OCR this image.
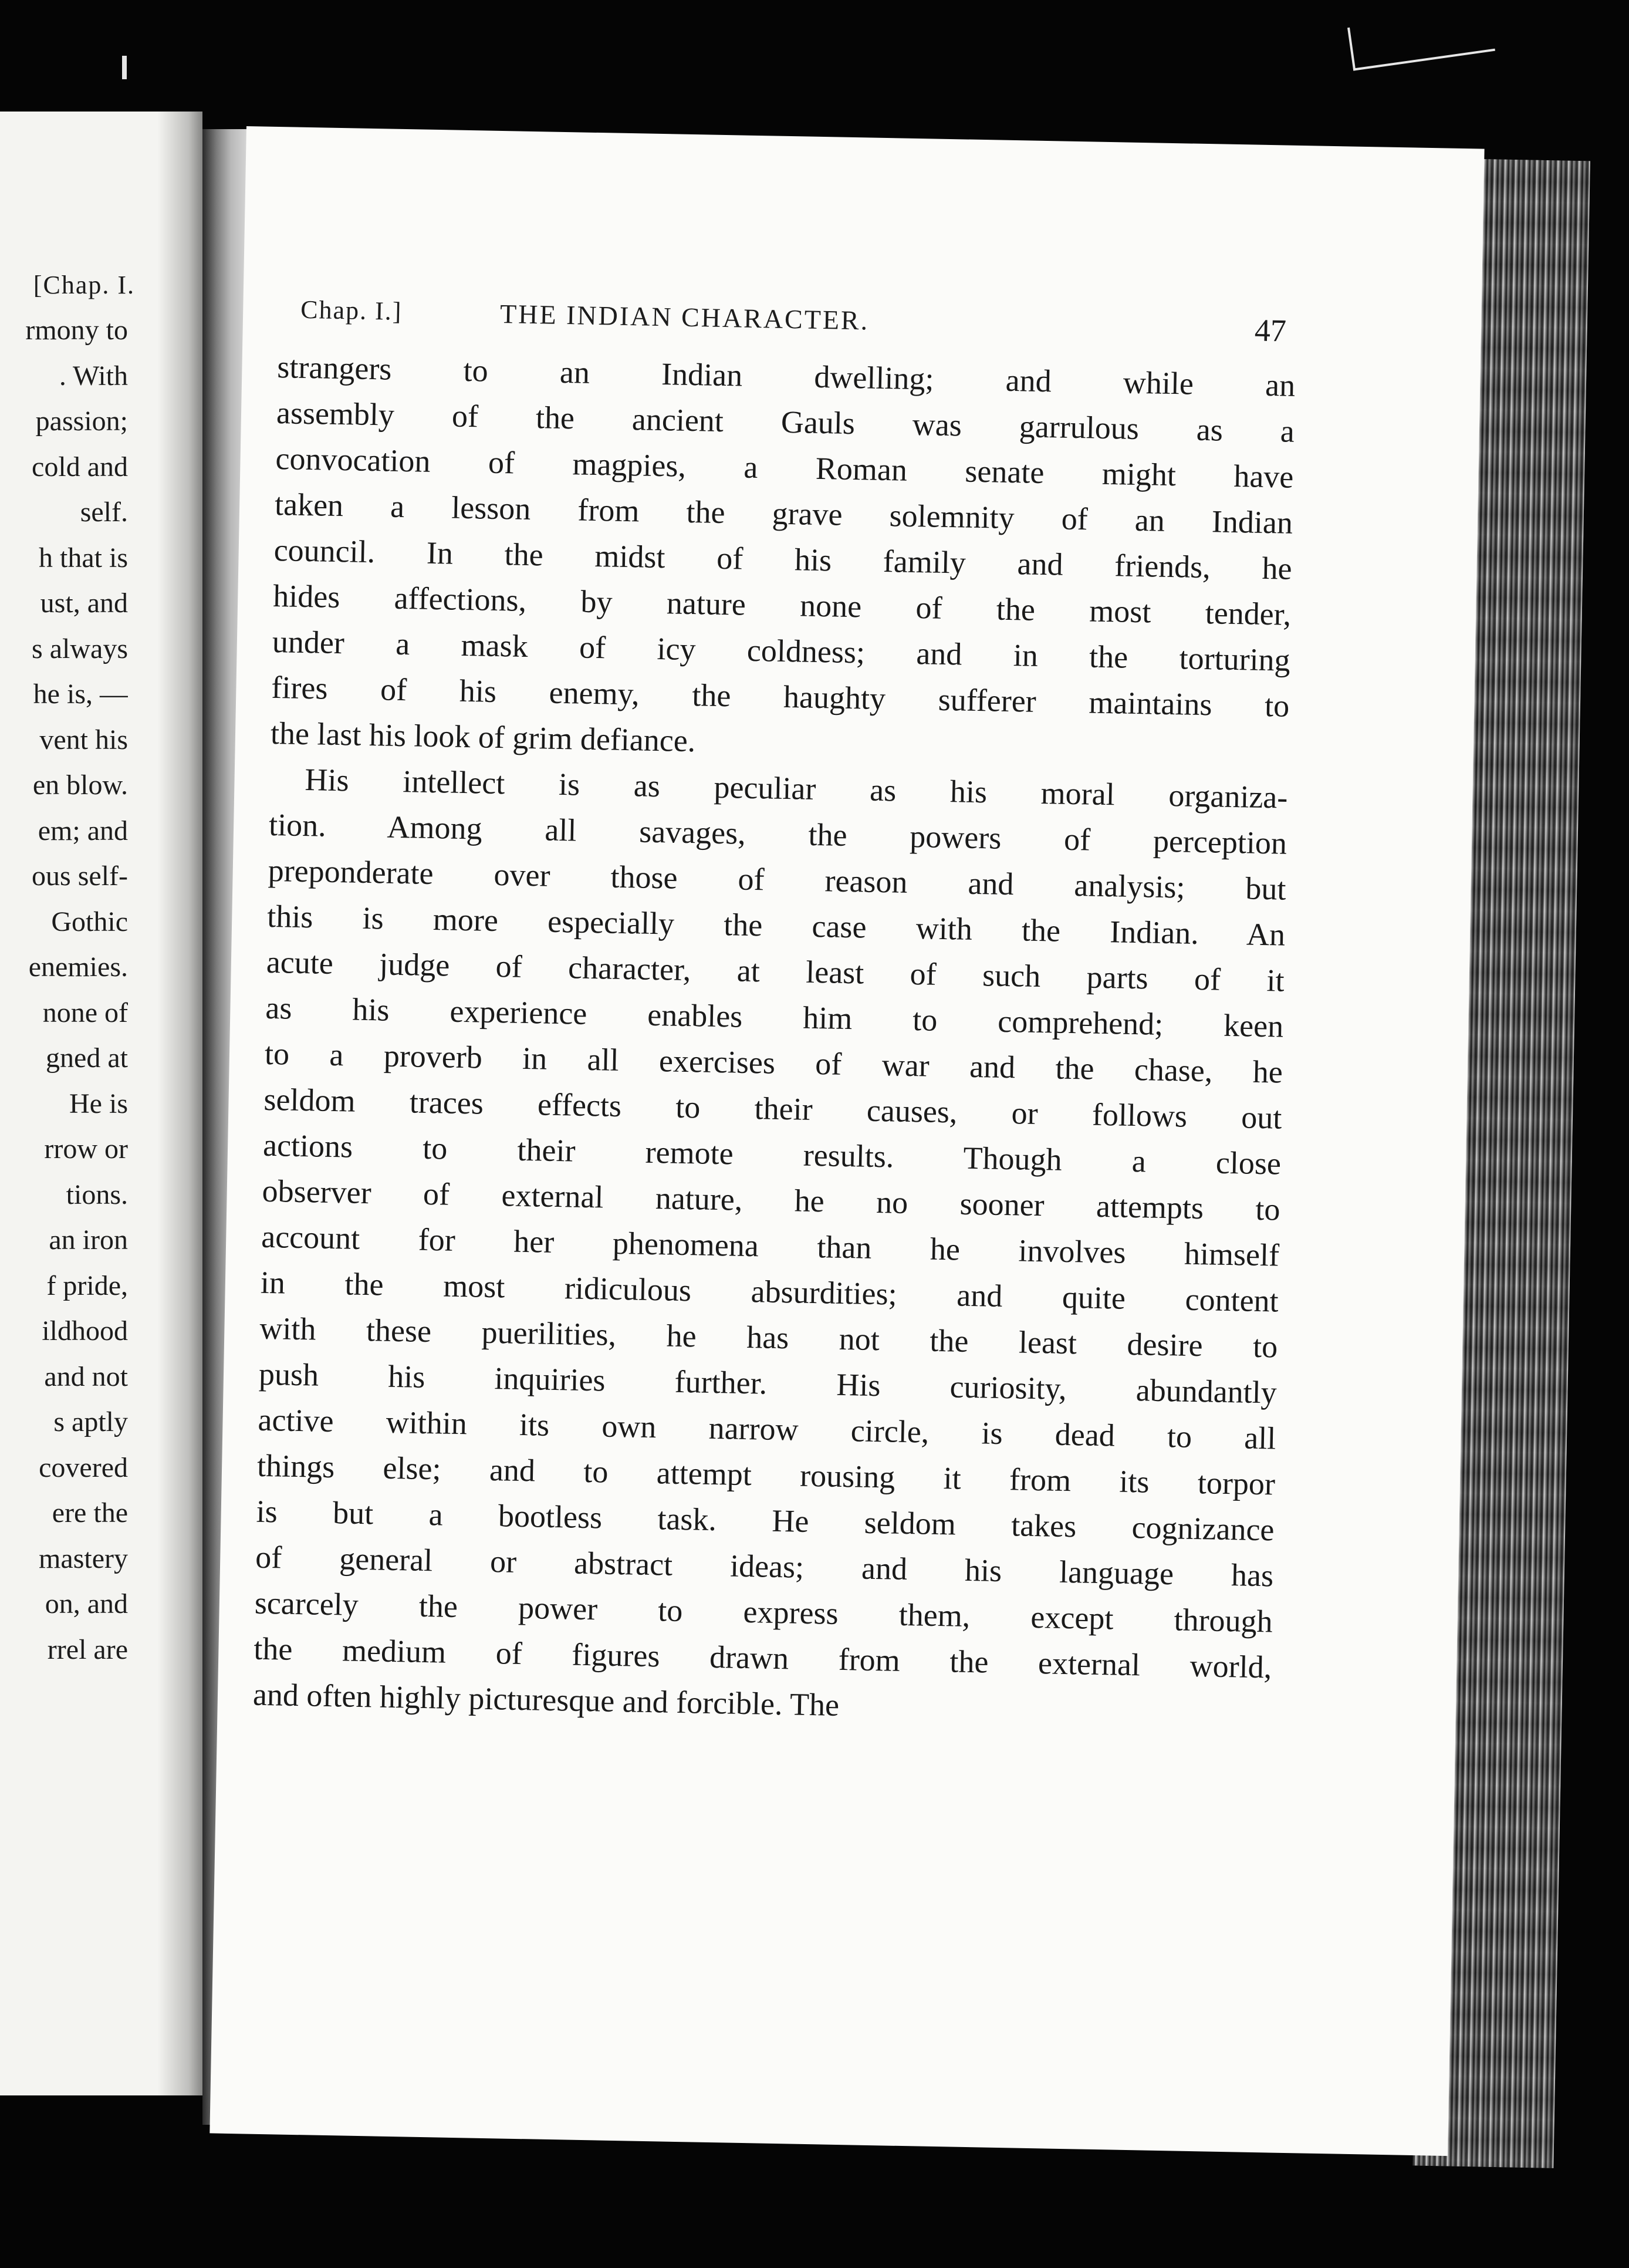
[Chap. I.
rmony to
. With
passion;
cold and
self.
h that is
ust, and
s always
he is, —
vent his
en blow.
em; and
ous self-
Gothic
enemies.
none of
gned at
He is
rrow or
tions.
an iron
f pride,
ildhood
and not
s aptly
covered
ere the
mastery
on, and
rrel are
Chap. I.]	THE INDIAN CHARACTER.	47
strangers to an Indian dwelling; and while an
assembly of the ancient Gauls was garrulous as a
convocation of magpies, a Roman senate might have
taken a lesson from the grave solemnity of an Indian
council. In the midst of his family and friends, he
hides affections, by nature none of the most tender,
under a mask of icy coldness; and in the torturing
fires of his enemy, the haughty sufferer maintains to
the last his look of grim defiance.
His intellect is as peculiar as his moral organiza-
tion. Among all savages, the powers of perception
preponderate over those of reason and analysis; but
this is more especially the case with the Indian. An
acute judge of character, at least of such parts of it
as his experience enables him to comprehend; keen
to a proverb in all exercises of war and the chase, he
seldom traces effects to their causes, or follows out
actions to their remote results. Though a close
observer of external nature, he no sooner attempts to
account for her phenomena than he involves himself
in the most ridiculous absurdities; and quite content
with these puerilities, he has not the least desire to
push his inquiries further. His curiosity, abundantly
active within its own narrow circle, is dead to all
things else; and to attempt rousing it from its torpor
is but a bootless task. He seldom takes cognizance
of general or abstract ideas; and his language has
scarcely the power to express them, except through
the medium of figures drawn from the external world,
and often highly picturesque and forcible. The
